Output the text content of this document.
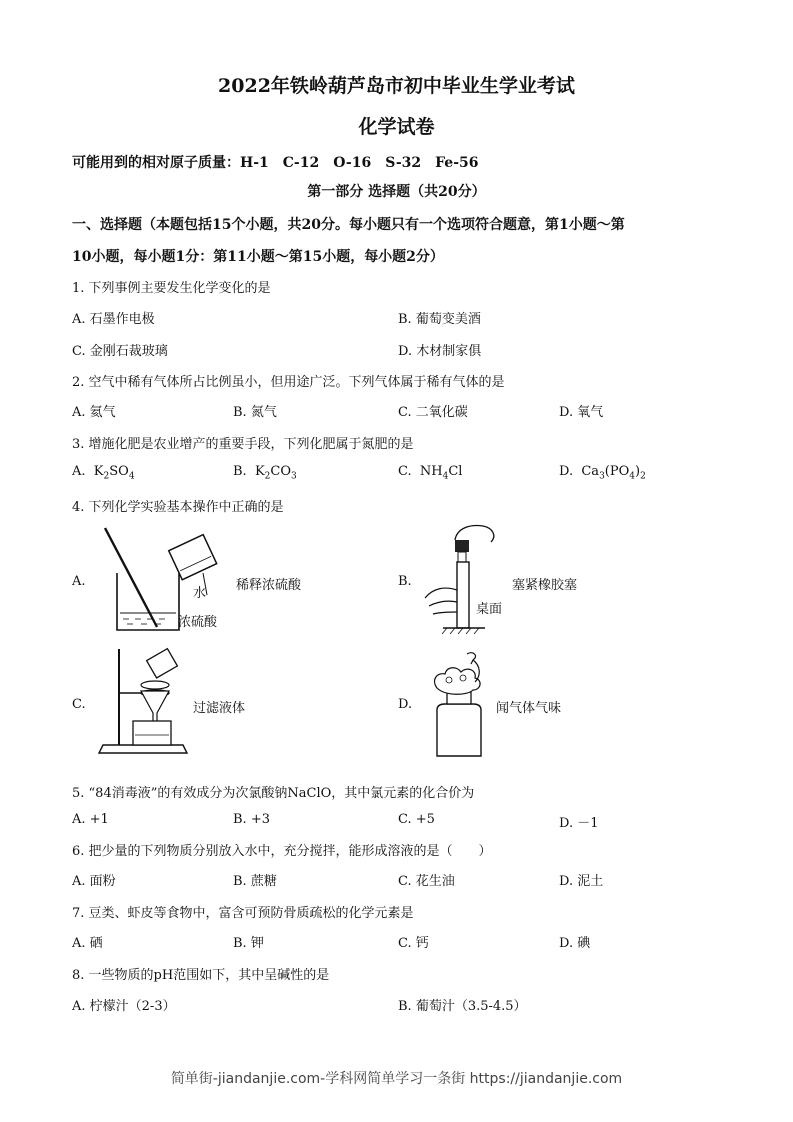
2022年铁岭葫芦岛市初中毕业生学业考试
化学试卷
可能用到的相对原子质量：H-1　C-12　O-16　S-32　Fe-56
第一部分 选择题（共20分）
一、选择题（本题包括15个小题，共20分。每小题只有一个选项符合题意，第1小题～第
10小题，每小题1分：第11小题～第15小题，每小题2分）
1. 下列事例主要发生化学变化的是
A. 石墨作电极	B. 葡萄变美酒
C. 金刚石裁玻璃	D. 木材制家俱
2. 空气中稀有气体所占比例虽小，但用途广泛。下列气体属于稀有气体的是
A. 氦气	B. 氮气	C. 二氧化碳	D. 氧气
3. 增施化肥是农业增产的重要手段，下列化肥属于氮肥的是
A. $K_2SO_4$	B. $K_2CO_3$	C. $NH_4Cl$	D. $Ca_3(PO_4)_2$
4. 下列化学实验基本操作中正确的是
A.
水
浓硫酸
稀释浓硫酸	B.
桌面
塞紧橡胶塞
C.	过滤液体	D.	闻气体气味
5. “84消毒液”的有效成分为次氯酸钠NaClO，其中氯元素的化合价为
A. +1	B. +3	C. +5	D. －1
6. 把少量的下列物质分别放入水中，充分搅拌，能形成溶液的是（　　）
A. 面粉	B. 蔗糖	C. 花生油	D. 泥土
7. 豆类、虾皮等食物中，富含可预防骨质疏松的化学元素是
A. 硒	B. 钾	C. 钙	D. 碘
8. 一些物质的pH范围如下，其中呈碱性的是
A. 柠檬汁（2-3）	B. 葡萄汁（3.5-4.5）
简单街-jiandanjie.com-学科网简单学习一条街 https://jiandanjie.com
